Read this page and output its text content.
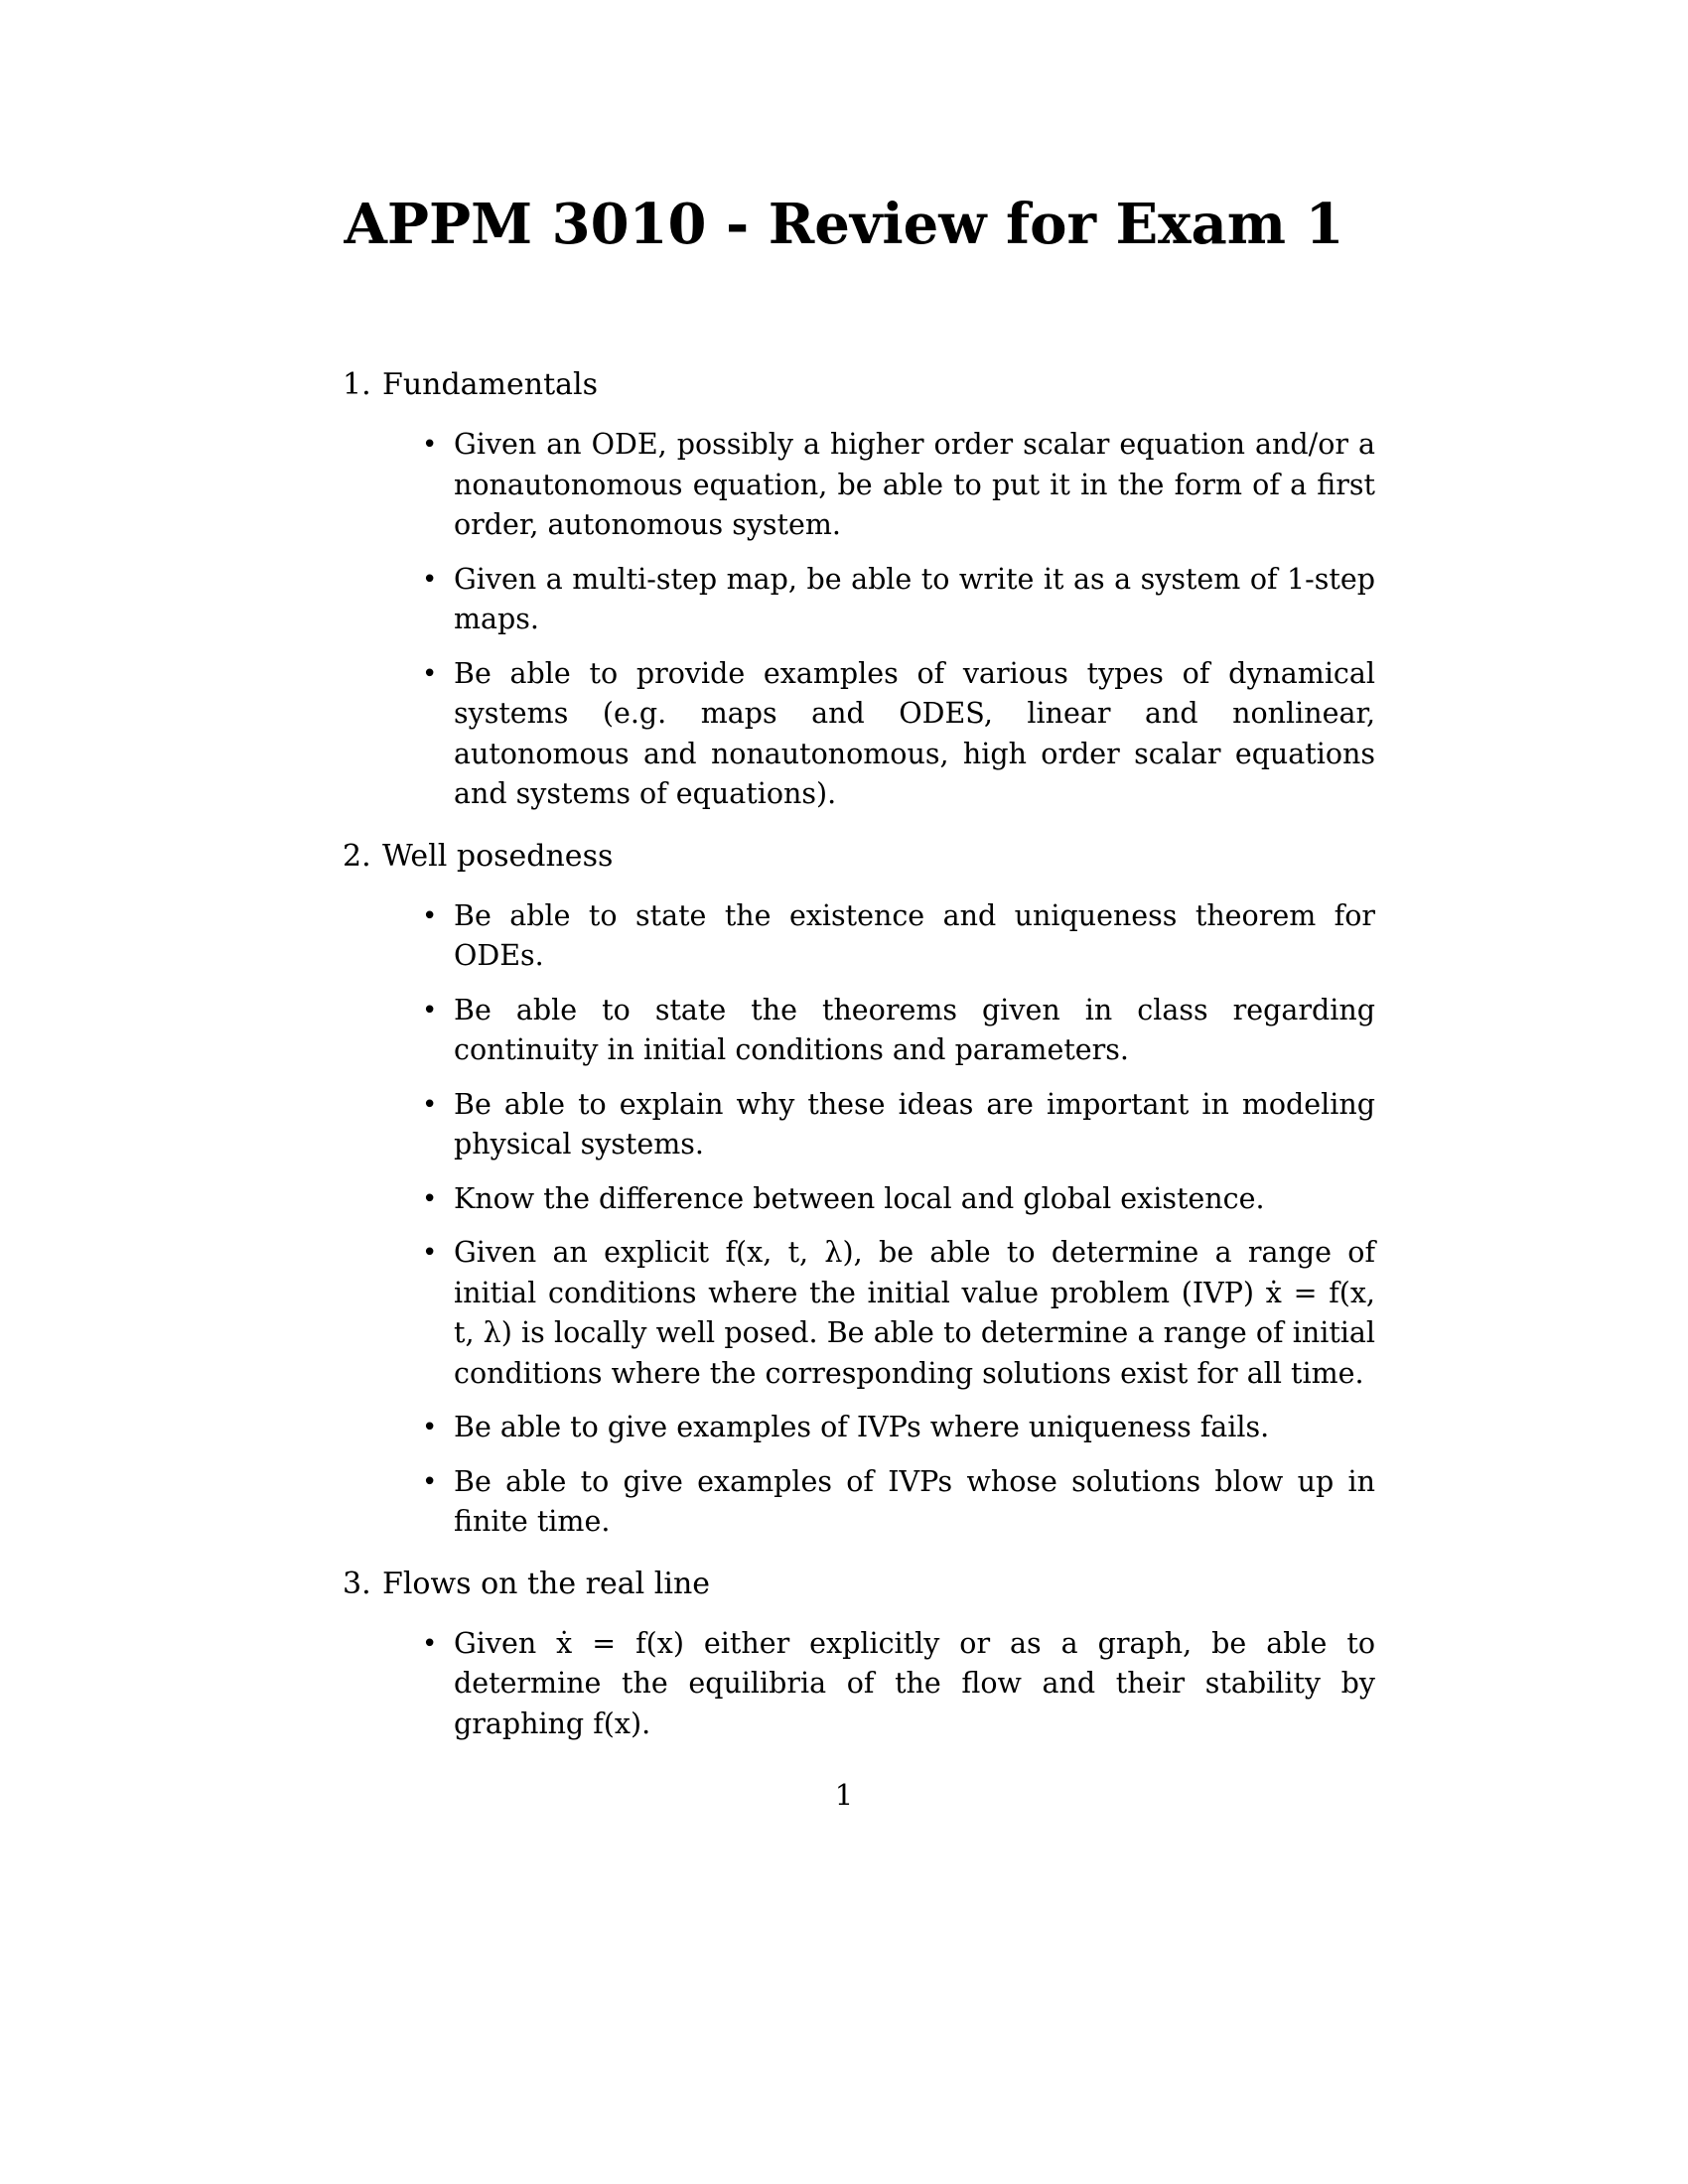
APPM 3010 - Review for Exam 1
1. Fundamentals
• Given an ODE, possibly a higher order scalar equation and/or a nonautonomous equation, be able to put it in the form of a first order, autonomous system.
• Given a multi-step map, be able to write it as a system of 1-step maps.
• Be able to provide examples of various types of dynamical systems (e.g. maps and ODES, linear and nonlinear, autonomous and nonautonomous, high order scalar equations and systems of equations).
2. Well posedness
• Be able to state the existence and uniqueness theorem for ODEs.
• Be able to state the theorems given in class regarding continuity in initial conditions and parameters.
• Be able to explain why these ideas are important in modeling physical systems.
• Know the difference between local and global existence.
• Given an explicit f(x, t, λ), be able to determine a range of initial conditions where the initial value problem (IVP) ẋ = f(x, t, λ) is locally well posed. Be able to determine a range of initial conditions where the corresponding solutions exist for all time.
• Be able to give examples of IVPs where uniqueness fails.
• Be able to give examples of IVPs whose solutions blow up in finite time.
3. Flows on the real line
• Given ẋ = f(x) either explicitly or as a graph, be able to determine the equilibria of the flow and their stability by graphing f(x).
1
